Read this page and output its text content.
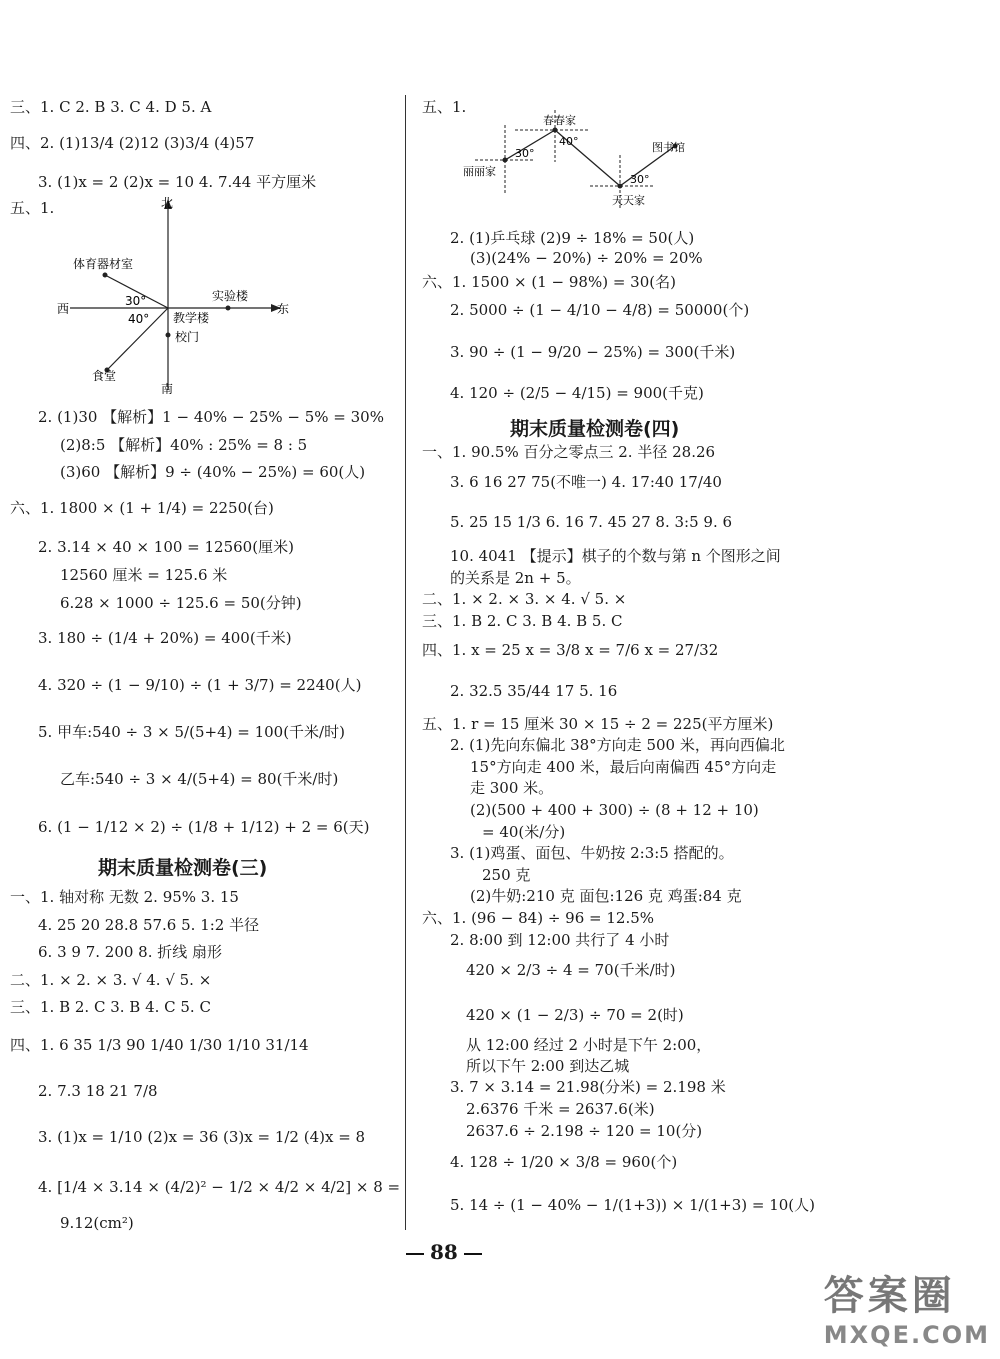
三、1. C 2. B 3. C 4. D 5. A
四、2. (1)13/4 (2)12 (3)3/4 (4)57
3. (1)x = 2 (2)x = 10 4. 7.44 平方厘米
五、1.
2. (1)30 【解析】1 − 40% − 25% − 5% = 30%
(2)8:5 【解析】40% : 25% = 8 : 5
(3)60 【解析】9 ÷ (40% − 25%) = 60(人)
六、1. 1800 × (1 + 1/4) = 2250(台)
2. 3.14 × 40 × 100 = 12560(厘米)
12560 厘米 = 125.6 米
6.28 × 1000 ÷ 125.6 = 50(分钟)
3. 180 ÷ (1/4 + 20%) = 400(千米)
4. 320 ÷ (1 − 9/10) ÷ (1 + 3/7) = 2240(人)
5. 甲车:540 ÷ 3 × 5/(5+4) = 100(千米/时)
乙车:540 ÷ 3 × 4/(5+4) = 80(千米/时)
6. (1 − 1/12 × 2) ÷ (1/8 + 1/12) + 2 = 6(天)
一、1. 轴对称 无数 2. 95% 3. 15
4. 25 20 28.8 57.6 5. 1:2 半径
6. 3 9 7. 200 8. 折线 扇形
二、1. × 2. × 3. √ 4. √ 5. ×
三、1. B 2. C 3. B 4. C 5. C
四、1. 6 35 1/3 90 1/40 1/30 1/10 31/14
2. 7.3 18 21 7/8
3. (1)x = 1/10 (2)x = 36 (3)x = 1/2 (4)x = 8
4. [1/4 × 3.14 × (4/2)² − 1/2 × 4/2 × 4/2] × 8 =
9.12(cm²)
五、1.
2. (1)乒乓球 (2)9 ÷ 18% = 50(人)
(3)(24% − 20%) ÷ 20% = 20%
六、1. 1500 × (1 − 98%) = 30(名)
2. 5000 ÷ (1 − 4/10 − 4/8) = 50000(个)
3. 90 ÷ (1 − 9/20 − 25%) = 300(千米)
4. 120 ÷ (2/5 − 4/15) = 900(千克)
一、1. 90.5% 百分之零点三 2. 半径 28.26
3. 6 16 27 75(不唯一) 4. 17:40 17/40
5. 25 15 1/3 6. 16 7. 45 27 8. 3:5 9. 6
10. 4041 【提示】棋子的个数与第 n 个图形之间
的关系是 2n + 5。
二、1. × 2. × 3. × 4. √ 5. ×
三、1. B 2. C 3. B 4. B 5. C
四、1. x = 25 x = 3/8 x = 7/6 x = 27/32
2. 32.5 35/44 17 5. 16
五、1. r = 15 厘米 30 × 15 ÷ 2 = 225(平方厘米)
2. (1)先向东偏北 38°方向走 500 米，再向西偏北
15°方向走 400 米，最后向南偏西 45°方向走
走 300 米。
(2)(500 + 400 + 300) ÷ (8 + 12 + 10)
= 40(米/分)
3. (1)鸡蛋、面包、牛奶按 2:3:5 搭配的。
250 克
(2)牛奶:210 克 面包:126 克 鸡蛋:84 克
六、1. (96 − 84) ÷ 96 = 12.5%
2. 8:00 到 12:00 共行了 4 小时
420 × 2/3 ÷ 4 = 70(千米/时)
420 × (1 − 2/3) ÷ 70 = 2(时)
从 12:00 经过 2 小时是下午 2:00，
所以下午 2:00 到达乙城
3. 7 × 3.14 = 21.98(分米) = 2.198 米
2.6376 千米 = 2637.6(米)
2637.6 ÷ 2.198 ÷ 120 = 10(分)
4. 128 ÷ 1/20 × 3/8 = 960(个)
5. 14 ÷ (1 − 40% − 1/(1+3)) × 1/(1+3) = 10(人)
期末质量检测卷(三)
期末质量检测卷(四)
北
南
东
西
体育器材室
食堂
实验楼
教学楼
校门
30°
40°
春春家
丽丽家
天天家
图书馆
30°
40°
30°
88
答案圈
MXQE.COM
